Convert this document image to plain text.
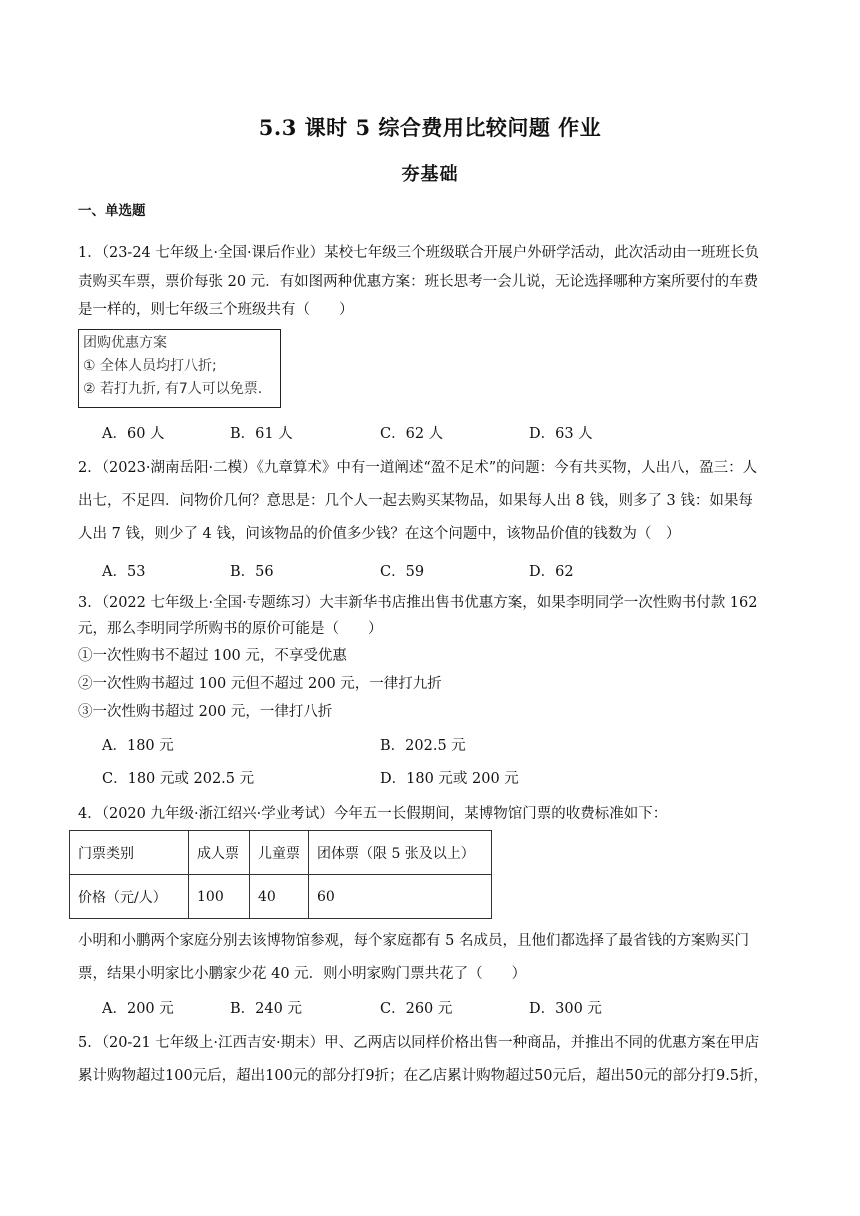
5.3 课时 5 综合费用比较问题 作业
夯基础
一、单选题
1．（23-24 七年级上·全国·课后作业）某校七年级三个班级联合开展户外研学活动，此次活动由一班班长负
责购买车票，票价每张 20 元．有如图两种优惠方案：班长思考一会儿说，无论选择哪种方案所要付的车费
是一样的，则七年级三个班级共有（　　）
团购优惠方案
① 全体人员均打八折;
② 若打九折, 有7人可以免票.
A．60 人	B．61 人	C．62 人	D．63 人
2．（2023·湖南岳阳·二模）《九章算术》中有一道阐述“盈不足术”的问题：今有共买物，人出八，盈三：人
出七，不足四．问物价几何？意思是：几个人一起去购买某物品，如果每人出 8 钱，则多了 3 钱：如果每
人出 7 钱，则少了 4 钱，问该物品的价值多少钱？在这个问题中，该物品价值的钱数为（　）
A．53	B．56	C．59	D．62
3．（2022 七年级上·全国·专题练习）大丰新华书店推出售书优惠方案，如果李明同学一次性购书付款 162
元，那么李明同学所购书的原价可能是（　　）
①一次性购书不超过 100 元，不享受优惠
②一次性购书超过 100 元但不超过 200 元，一律打九折
③一次性购书超过 200 元，一律打八折
A．180 元	B．202.5 元
C．180 元或 202.5 元	D．180 元或 200 元
4．（2020 九年级·浙江绍兴·学业考试）今年五一长假期间，某博物馆门票的收费标准如下：
门票类别	成人票	儿童票	团体票（限 5 张及以上）
价格（元/人）	100	40	60
小明和小鹏两个家庭分别去该博物馆参观，每个家庭都有 5 名成员，且他们都选择了最省钱的方案购买门
票，结果小明家比小鹏家少花 40 元．则小明家购门票共花了（　　）
A．200 元	B．240 元	C．260 元	D．300 元
5．（20-21 七年级上·江西吉安·期末）甲、乙两店以同样价格出售一种商品，并推出不同的优惠方案在甲店
累计购物超过100元后，超出100元的部分打9折；在乙店累计购物超过50元后，超出50元的部分打9.5折，
